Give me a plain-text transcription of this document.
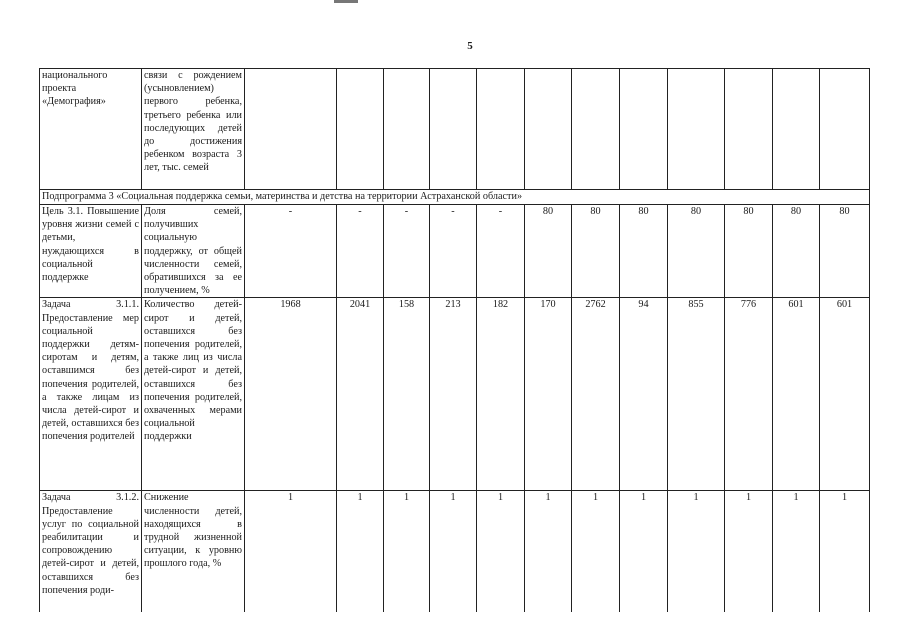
5
национального проекта «Демография»	связи с рождением (усыновлением) первого ребенка, третьего ребенка или последующих детей до достижения ребенком возраста 3 лет, тыс. семей												
Подпрограмма 3 «Социальная поддержка семьи, материнства и детства на территории Астраханской области»													
Цель 3.1. Повышение уровня жизни семей с детьми, нуждающихся в социальной поддержке	Доля семей, получивших социальную поддержку, от общей численности семей, обратившихся за ее получением, %	-	-	-	-	-	80	80	80	80	80	80	80
Задача 3.1.1. Предоставление мер социальной поддержки детям-сиротам и детям, оставшимся без попечения родителей, а также лицам из числа детей-сирот и детей, оставшихся без попечения родителей	Количество детей-сирот и детей, оставшихся без попечения родителей, а также лиц из числа детей-сирот и детей, оставшихся без попечения родителей, охваченных мерами социальной поддержки	1968	2041	158	213	182	170	2762	94	855	776	601	601
Задача 3.1.2. Предоставление услуг по социальной реабилитации и сопровождению детей-сирот и детей, оставшихся без попечения роди-	Снижение численности детей, находящихся в трудной жизненной ситуации, к уровню прошлого года, %	1	1	1	1	1	1	1	1	1	1	1	1
